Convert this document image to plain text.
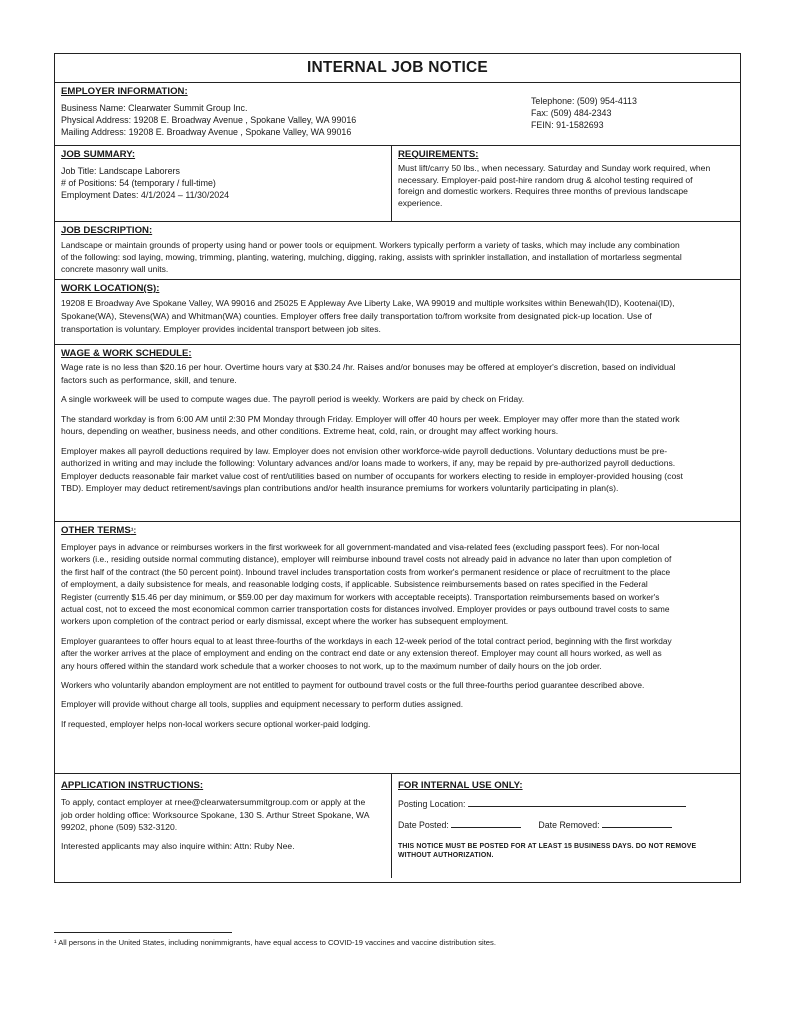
INTERNAL JOB NOTICE
EMPLOYER INFORMATION:
Business Name: Clearwater Summit Group Inc.
Physical Address: 19208 E. Broadway Avenue , Spokane Valley, WA 99016
Mailing Address: 19208 E. Broadway Avenue , Spokane Valley, WA 99016
Telephone: (509) 954-4113
Fax: (509) 484-2343
FEIN: 91-1582693
JOB SUMMARY:
Job Title: Landscape Laborers
# of Positions: 54 (temporary / full-time)
Employment Dates: 4/1/2024 – 11/30/2024
REQUIREMENTS:
Must lift/carry 50 lbs., when necessary. Saturday and Sunday work required, when
necessary. Employer-paid post-hire random drug & alcohol testing required of
foreign and domestic workers. Requires three months of previous landscape
experience.
JOB DESCRIPTION:
Landscape or maintain grounds of property using hand or power tools or equipment. Workers typically perform a variety of tasks, which may include any combination
of the following: sod laying, mowing, trimming, planting, watering, mulching, digging, raking, assists with sprinkler installation, and installation of mortarless segmental
concrete masonry wall units.
WORK LOCATION(S):
19208 E Broadway Ave Spokane Valley, WA 99016 and 25025 E Appleway Ave Liberty Lake, WA 99019 and multiple worksites within Benewah(ID), Kootenai(ID),
Spokane(WA), Stevens(WA) and Whitman(WA) counties. Employer offers free daily transportation to/from worksite from designated pick-up location. Use of
transportation is voluntary. Employer provides incidental transport between job sites.
WAGE & WORK SCHEDULE:
Wage rate is no less than $20.16 per hour. Overtime hours vary at $30.24 /hr. Raises and/or bonuses may be offered at employer's discretion, based on individual
factors such as performance, skill, and tenure.
A single workweek will be used to compute wages due. The payroll period is weekly. Workers are paid by check on Friday.
The standard workday is from 6:00 AM until 2:30 PM Monday through Friday. Employer will offer 40 hours per week. Employer may offer more than the stated work
hours, depending on weather, business needs, and other conditions. Extreme heat, cold, rain, or drought may affect working hours.
Employer makes all payroll deductions required by law. Employer does not envision other workforce-wide payroll deductions. Voluntary deductions must be pre-
authorized in writing and may include the following: Voluntary advances and/or loans made to workers, if any, may be repaid by pre-authorized payroll deductions.
Employer deducts reasonable fair market value cost of rent/utilities based on number of occupants for workers electing to reside in employer-provided housing (cost
TBD). Employer may deduct retirement/savings plan contributions and/or health insurance premiums for workers voluntarily participating in plan(s).
OTHER TERMS¹:
Employer pays in advance or reimburses workers in the first workweek for all government-mandated and visa-related fees (excluding passport fees). For non-local
workers (i.e., residing outside normal commuting distance), employer will reimburse inbound travel costs not already paid in advance no later than upon completion of
the first half of the contract (the 50 percent point). Inbound travel includes transportation costs from worker's permanent residence or place of recruitment to the place
of employment, a daily subsistence for meals, and reasonable lodging costs, if applicable. Subsistence reimbursements based on rates specified in the Federal
Register (currently $15.46 per day minimum, or $59.00 per day maximum for workers with acceptable receipts). Transportation reimbursements based on worker's
actual cost, not to exceed the most economical common carrier transportation costs for distances involved. Employer provides or pays outbound travel costs to same
workers upon completion of the contract period or early dismissal, except where the worker has subsequent employment.
Employer guarantees to offer hours equal to at least three-fourths of the workdays in each 12-week period of the total contract period, beginning with the first workday
after the worker arrives at the place of employment and ending on the contract end date or any extension thereof. Employer may count all hours worked, as well as
any hours offered within the standard work schedule that a worker chooses to not work, up to the maximum number of daily hours on the job order.
Workers who voluntarily abandon employment are not entitled to payment for outbound travel costs or the full three-fourths period guarantee described above.
Employer will provide without charge all tools, supplies and equipment necessary to perform duties assigned.
If requested, employer helps non-local workers secure optional worker-paid lodging.
APPLICATION INSTRUCTIONS:
To apply, contact employer at rnee@clearwatersummitgroup.com or apply at the
job order holding office: Worksource Spokane, 130 S. Arthur Street Spokane, WA
99202, phone (509) 532-3120.
Interested applicants may also inquire within: Attn: Ruby Nee.
FOR INTERNAL USE ONLY:
Posting Location:
Date Posted:	Date Removed:
THIS NOTICE MUST BE POSTED FOR AT LEAST 15 BUSINESS DAYS. DO NOT REMOVE
WITHOUT AUTHORIZATION.
¹ All persons in the United States, including nonimmigrants, have equal access to COVID-19 vaccines and vaccine distribution sites.
